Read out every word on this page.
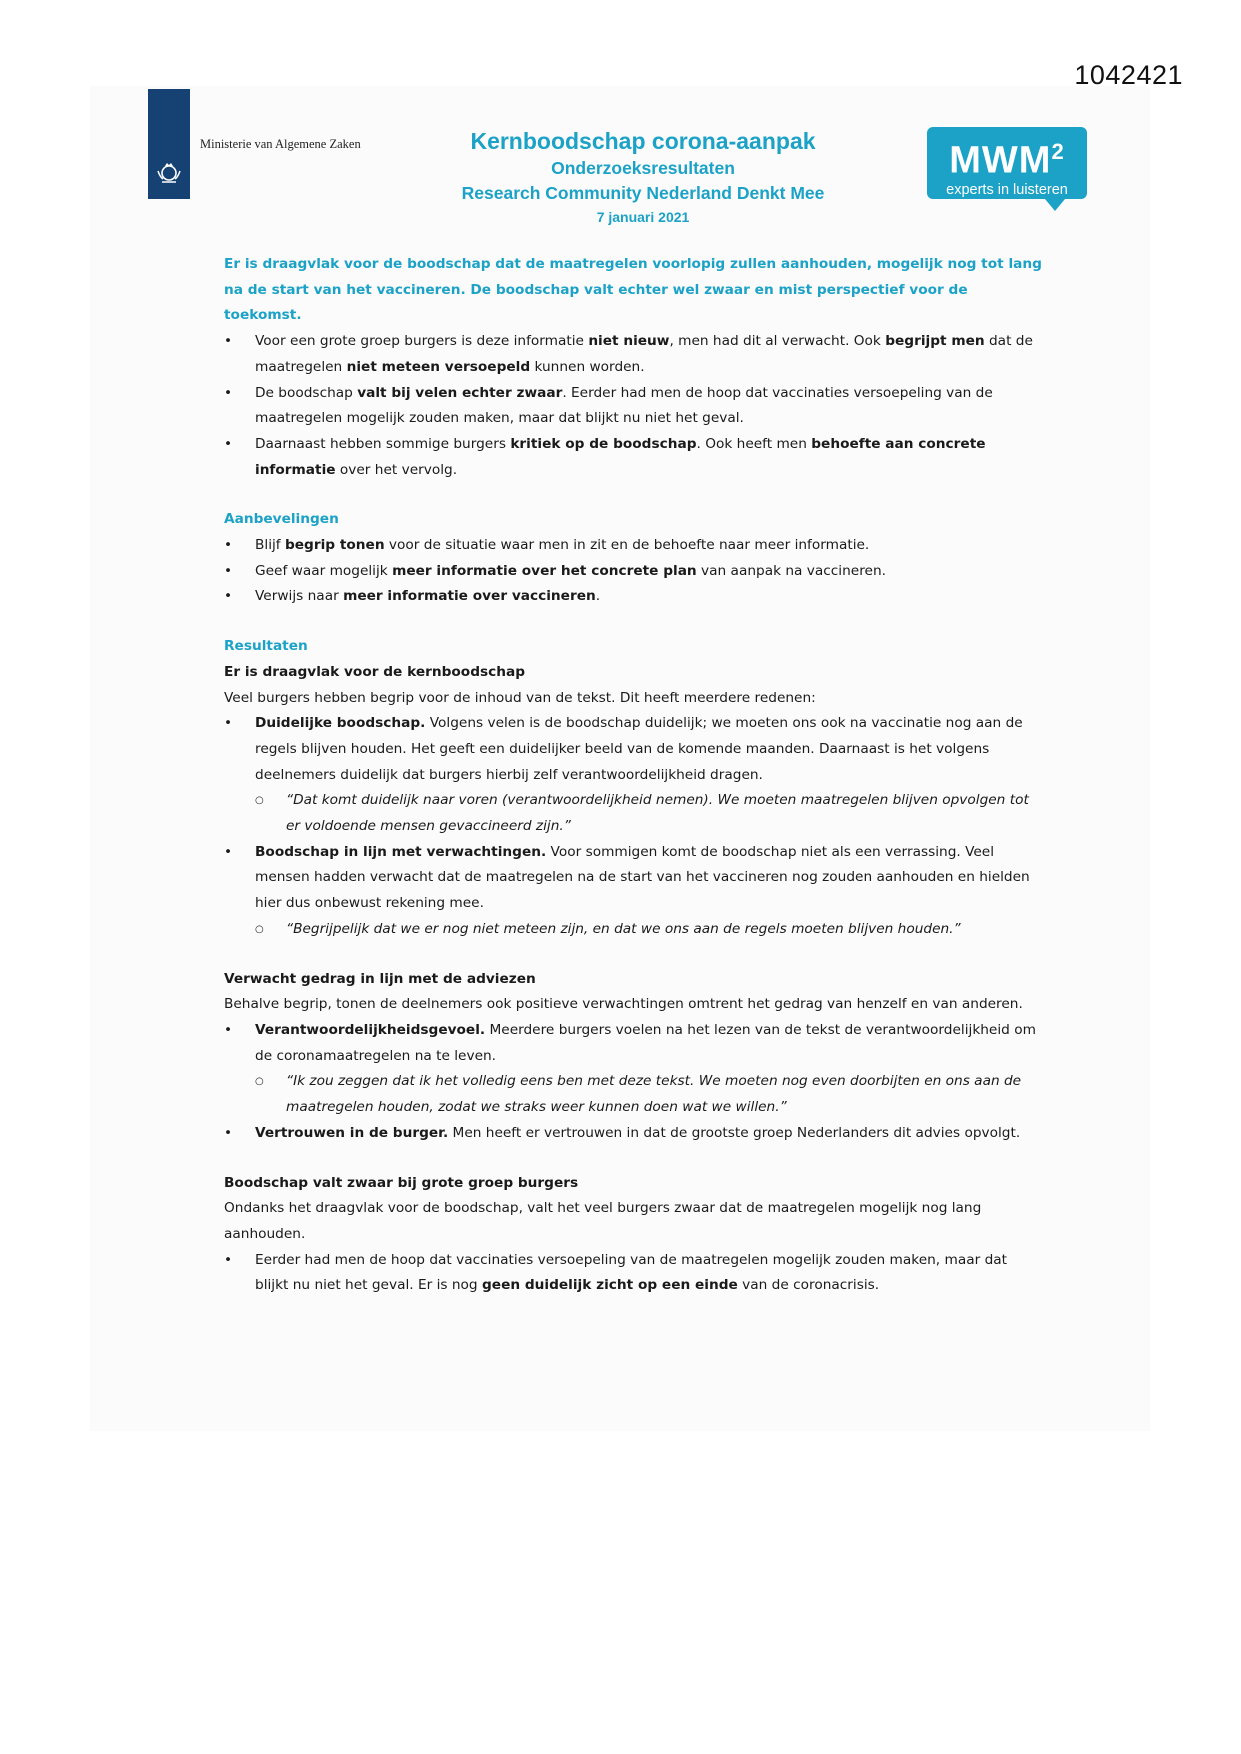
1042421
Ministerie van Algemene Zaken	Kernboodschap corona-aanpak
Onderzoeksresultaten
Research Community Nederland Denkt Mee
7 januari 2021
MWM$^2$
experts in luisteren

Er is draagvlak voor de boodschap dat de maatregelen voorlopig zullen aanhouden, mogelijk nog tot lang na de start van het vaccineren. De boodschap valt echter wel zwaar en mist perspectief voor de toekomst.

• Voor een grote groep burgers is deze informatie niet nieuw, men had dit al verwacht. Ook begrijpt men dat de maatregelen niet meteen versoepeld kunnen worden.
• De boodschap valt bij velen echter zwaar. Eerder had men de hoop dat vaccinaties versoepeling van de maatregelen mogelijk zouden maken, maar dat blijkt nu niet het geval.
• Daarnaast hebben sommige burgers kritiek op de boodschap. Ook heeft men behoefte aan concrete informatie over het vervolg.

Aanbevelingen

• Blijf begrip tonen voor de situatie waar men in zit en de behoefte naar meer informatie.
• Geef waar mogelijk meer informatie over het concrete plan van aanpak na vaccineren.
• Verwijs naar meer informatie over vaccineren.

Resultaten

Er is draagvlak voor de kernboodschap

Veel burgers hebben begrip voor de inhoud van de tekst. Dit heeft meerdere redenen:

• Duidelijke boodschap. Volgens velen is de boodschap duidelijk; we moeten ons ook na vaccinatie nog aan de regels blijven houden. Het geeft een duidelijker beeld van de komende maanden. Daarnaast is het volgens deelnemers duidelijk dat burgers hierbij zelf verantwoordelijkheid dragen.
○ “Dat komt duidelijk naar voren (verantwoordelijkheid nemen). We moeten maatregelen blijven opvolgen tot er voldoende mensen gevaccineerd zijn.”
• Boodschap in lijn met verwachtingen. Voor sommigen komt de boodschap niet als een verrassing. Veel mensen hadden verwacht dat de maatregelen na de start van het vaccineren nog zouden aanhouden en hielden hier dus onbewust rekening mee.
○ “Begrijpelijk dat we er nog niet meteen zijn, en dat we ons aan de regels moeten blijven houden.”

Verwacht gedrag in lijn met de adviezen

Behalve begrip, tonen de deelnemers ook positieve verwachtingen omtrent het gedrag van henzelf en van anderen.

• Verantwoordelijkheidsgevoel. Meerdere burgers voelen na het lezen van de tekst de verantwoordelijkheid om de coronamaatregelen na te leven.
○ “Ik zou zeggen dat ik het volledig eens ben met deze tekst. We moeten nog even doorbijten en ons aan de maatregelen houden, zodat we straks weer kunnen doen wat we willen.”
• Vertrouwen in de burger. Men heeft er vertrouwen in dat de grootste groep Nederlanders dit advies opvolgt.

Boodschap valt zwaar bij grote groep burgers

Ondanks het draagvlak voor de boodschap, valt het veel burgers zwaar dat de maatregelen mogelijk nog lang aanhouden.

• Eerder had men de hoop dat vaccinaties versoepeling van de maatregelen mogelijk zouden maken, maar dat blijkt nu niet het geval. Er is nog geen duidelijk zicht op een einde van de coronacrisis.
